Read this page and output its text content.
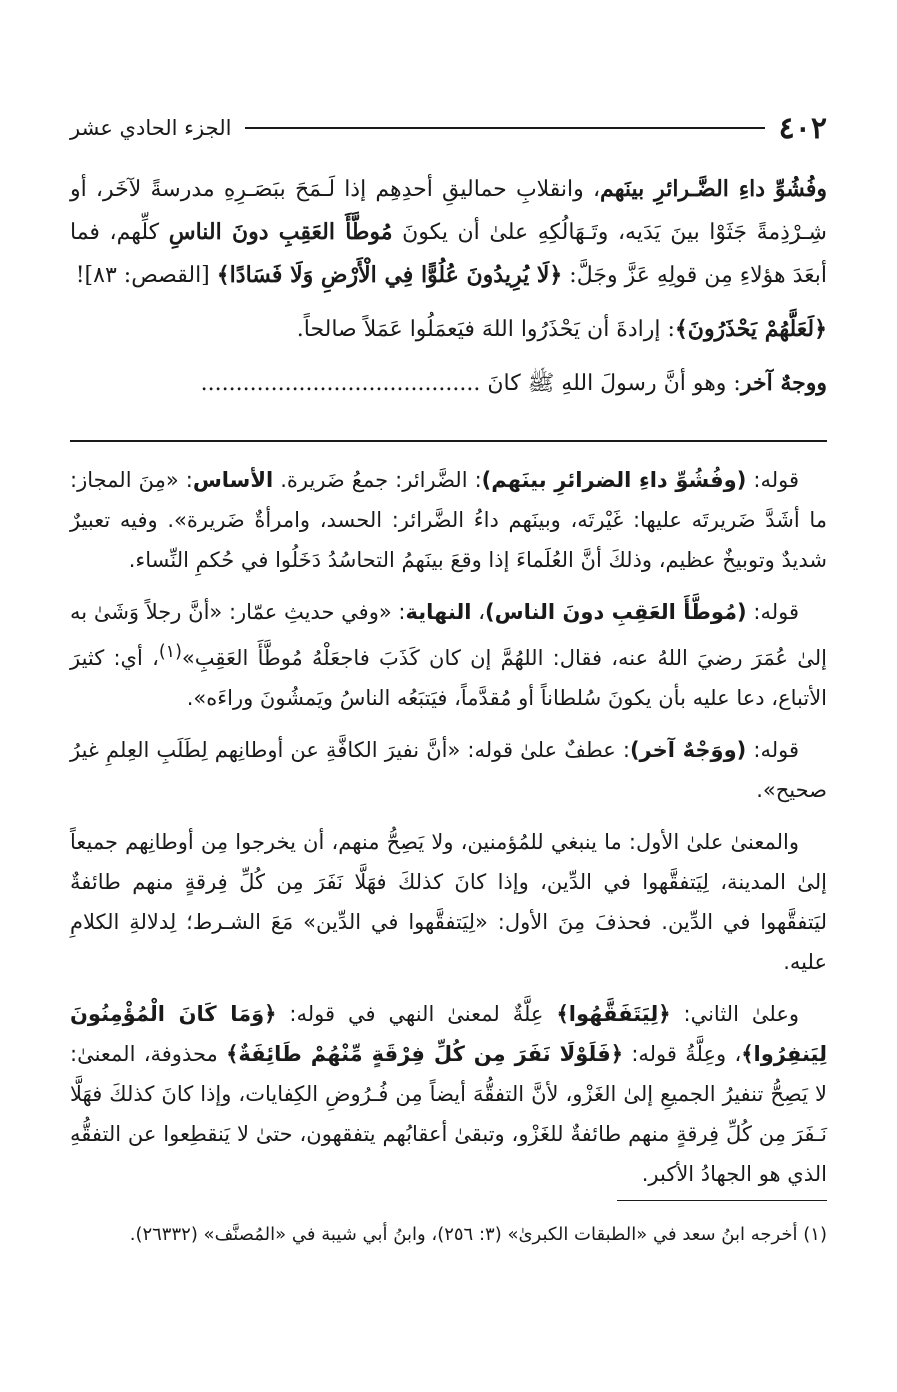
٤٠٢
الجزء الحادي عشر

وفُشُوِّ داءِ الضَّـرائرِ بينَهم، وانقلابِ حماليقِ أحدِهِم إذا لَـمَحَ ببَصَـرِهِ مدرسةً لآخَر، أو شِـرْذِمةً جَثَوْا بينَ يَدَيه، وتَـهَالُكِهِ علىٰ أن يكونَ مُوطَّأَ العَقِبِ دونَ الناسِ كلِّهم، فما أبعَدَ هؤلاءِ مِن قولِهِ عَزَّ وجَلَّ: ﴿لَا يُرِيدُونَ عُلُوًّا فِي الْأَرْضِ وَلَا فَسَادًا﴾ [القصص: ٨٣]!

﴿لَعَلَّهُمْ يَحْذَرُونَ﴾: إرادةَ أن يَحْذَرُوا اللهَ فيَعمَلُوا عَمَلاً صالحاً.

ووجهٌ آخر: وهو أنَّ رسولَ اللهِ ﷺ كانَ ........................................

قوله: (وفُشُوِّ داءِ الضرائرِ بينَهم): الضَّرائر: جمعُ ضَريرة. الأساس: «مِنَ المجاز: ما أشَدَّ ضَريرتَه عليها: غَيْرتَه، وبينَهم داءُ الضَّرائر: الحسد، وامرأةٌ ضَريرة». وفيه تعبيرٌ شديدٌ وتوبيخٌ عظيم، وذلكَ أنَّ العُلَماءَ إذا وقعَ بينَهمُ التحاسُدُ دَخَلُوا في حُكمِ النِّساء.

قوله: (مُوطَّأَ العَقِبِ دونَ الناس)، النهاية: «وفي حديثِ عمّار: «أنَّ رجلاً وَشَىٰ به إلىٰ عُمَرَ رضيَ اللهُ عنه، فقال: اللهُمَّ إن كان كَذَبَ فاجعَلْهُ مُوطَّأَ العَقِبِ»$^{(١)}$، أي: كثيرَ الأتباع، دعا عليه بأن يكونَ سُلطاناً أو مُقدَّماً، فيَتبَعُه الناسُ ويَمشُونَ وراءَه».

قوله: (ووَجْهٌ آخر): عطفٌ علىٰ قوله: «أنَّ نفيرَ الكافَّةِ عن أوطانِهم لِطَلَبِ العِلمِ غيرُ صحيح».

والمعنىٰ علىٰ الأول: ما ينبغي للمُؤمنين، ولا يَصِحُّ منهم، أن يخرجوا مِن أوطانِهم جميعاً إلىٰ المدينة، لِيَتفقَّهوا في الدِّين، وإذا كانَ كذلكَ فهَلَّا نَفَرَ مِن كُلِّ فِرقةٍ منهم طائفةٌ ليَتفقَّهوا في الدِّين. فحذفَ مِنَ الأول: «لِيَتفقَّهوا في الدِّين» مَعَ الشـرط؛ لِدلالةِ الكلامِ عليه.

وعلىٰ الثاني: ﴿لِيَتَفَقَّهُوا﴾ عِلَّةٌ لمعنىٰ النهي في قوله: ﴿وَمَا كَانَ الْمُؤْمِنُونَ لِيَنفِرُوا﴾، وعِلَّةُ قوله: ﴿فَلَوْلَا نَفَرَ مِن كُلِّ فِرْقَةٍ مِّنْهُمْ طَائِفَةٌ﴾ محذوفة، المعنىٰ: لا يَصِحُّ تنفيرُ الجميعِ إلىٰ الغَزْو، لأنَّ التفقُّهَ أيضاً مِن فُـرُوضِ الكِفايات، وإذا كانَ كذلكَ فهَلَّا نَـفَرَ مِن كُلِّ فِرقةٍ منهم طائفةٌ للغَزْو، وتبقىٰ أعقابُهم يتفقهون، حتىٰ لا يَنقطِعوا عن التفقُّهِ الذي هو الجهادُ الأكبر.

(١) أخرجه ابنُ سعد في «الطبقات الكبرىٰ» (٣: ٢٥٦)، وابنُ أبي شيبة في «المُصنَّف» (٢٦٣٣٢).
